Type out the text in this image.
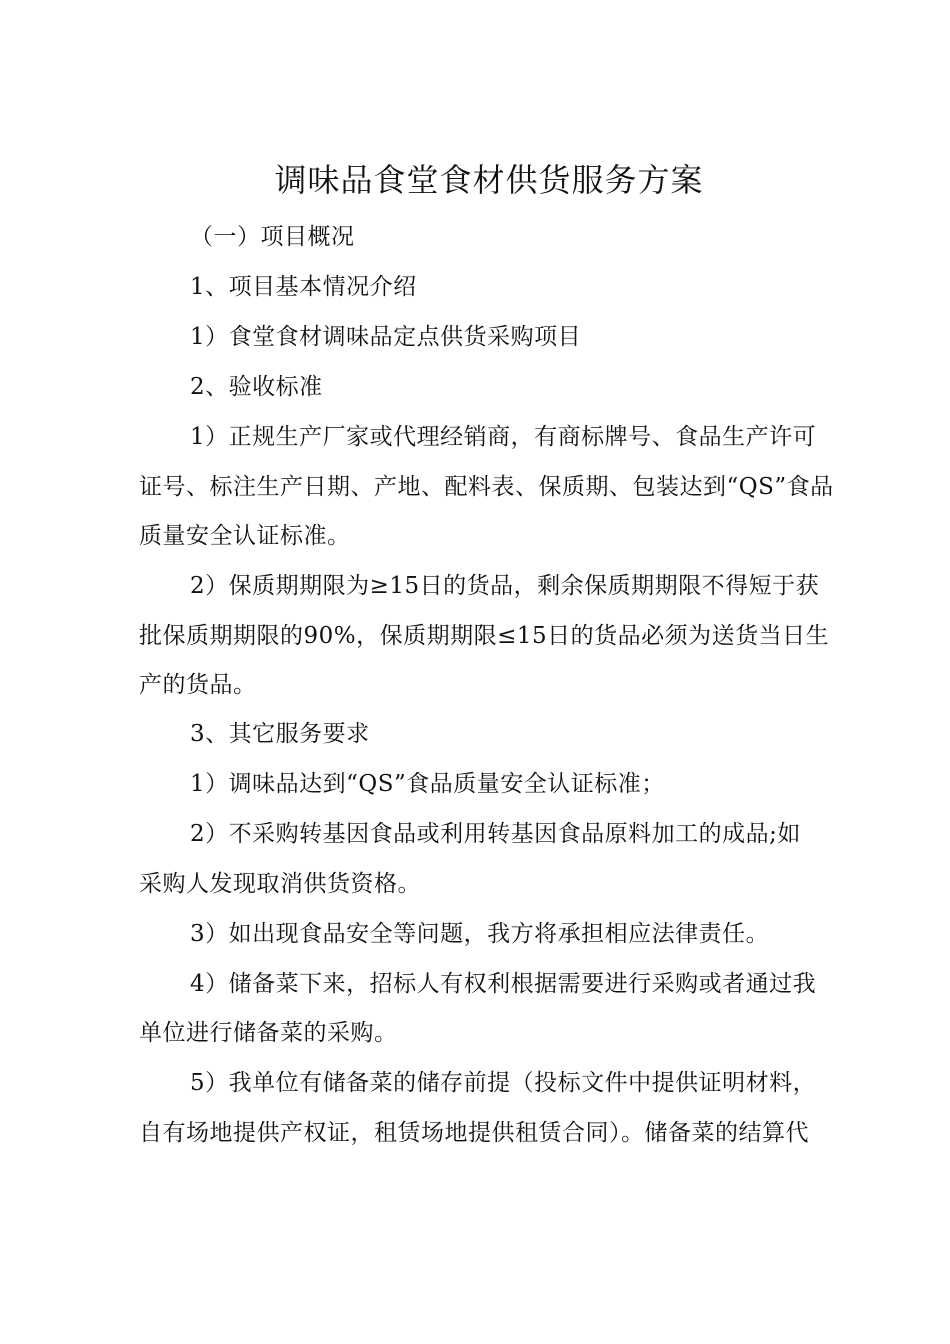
调味品食堂食材供货服务方案
（一）项目概况
1、项目基本情况介绍
1）食堂食材调味品定点供货采购项目
2、验收标准
1）正规生产厂家或代理经销商，有商标牌号、食品生产许可
证号、标注生产日期、产地、配料表、保质期、包装达到“QS”食品
质量安全认证标准。
2）保质期期限为≥15日的货品，剩余保质期期限不得短于获
批保质期期限的90%，保质期期限≤15日的货品必须为送货当日生
产的货品。
3、其它服务要求
1）调味品达到“QS”食品质量安全认证标准；
2）不采购转基因食品或利用转基因食品原料加工的成品;如
采购人发现取消供货资格。
3）如出现食品安全等问题，我方将承担相应法律责任。
4）储备菜下来，招标人有权利根据需要进行采购或者通过我
单位进行储备菜的采购。
5）我单位有储备菜的储存前提（投标文件中提供证明材料，
自有场地提供产权证，租赁场地提供租赁合同）。储备菜的结算代
